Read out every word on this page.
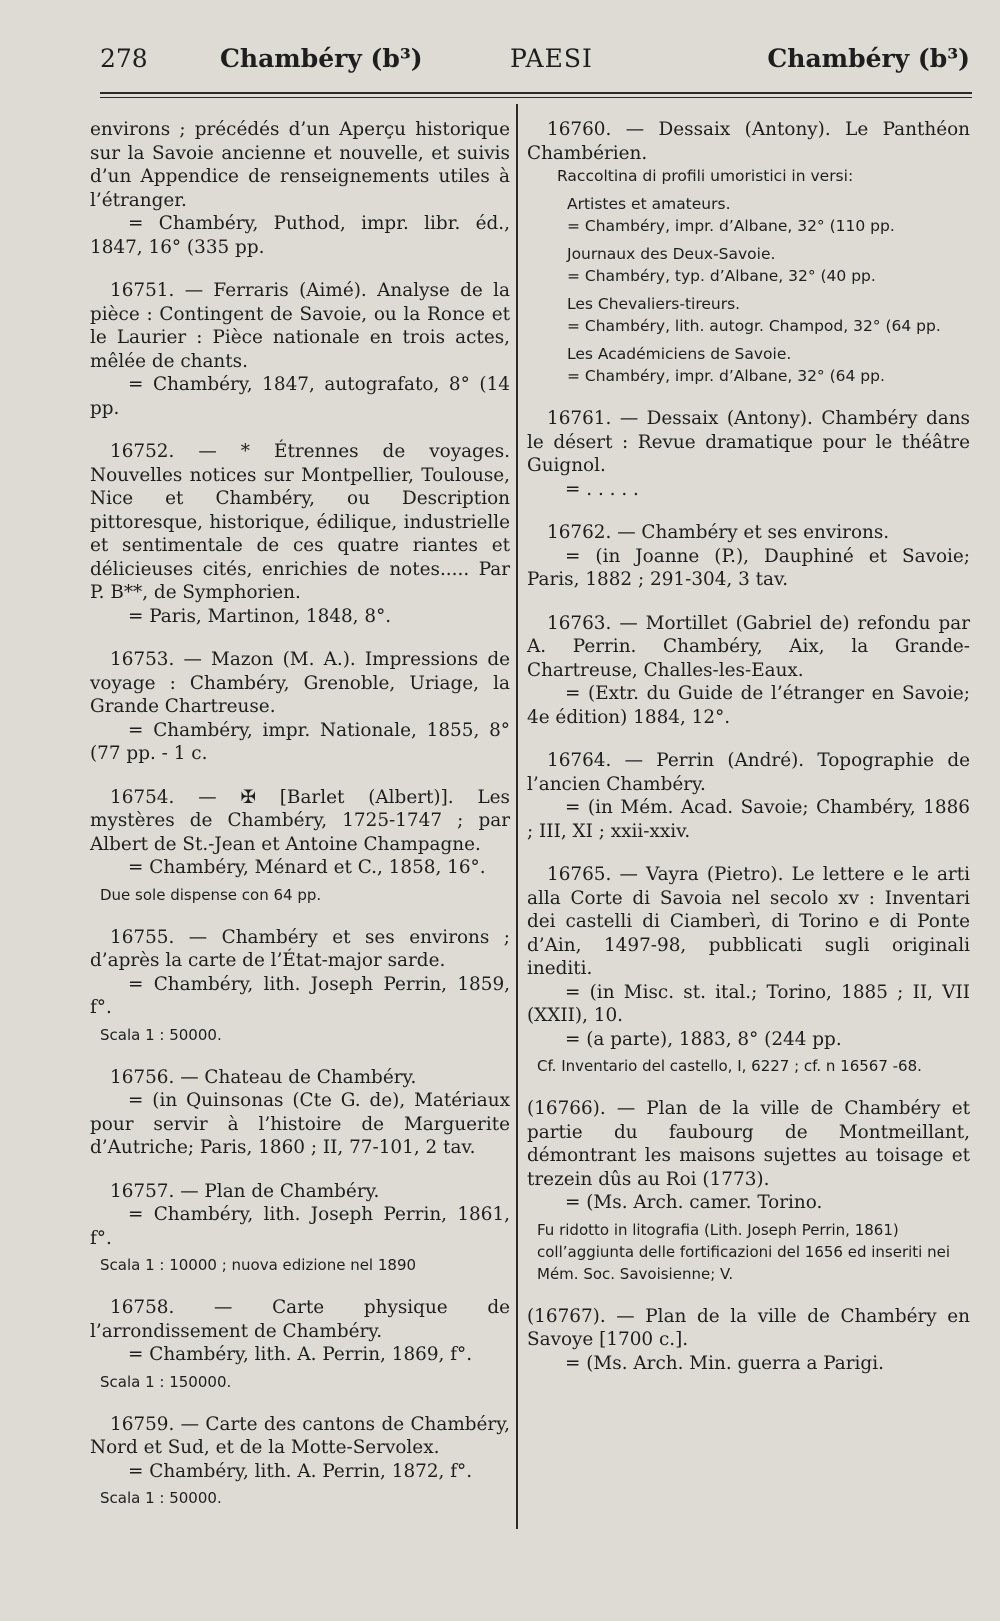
278	Chambéry (b³)	PAESI	Chambéry (b³)

environs ; précédés d’un Aperçu historique sur la Savoie ancienne et nouvelle, et suivis d’un Appendice de renseignements utiles à l’étranger.

= Chambéry, Puthod, impr. libr. éd., 1847, 16° (335 pp.

16751. — Ferraris (Aimé). Analyse de la pièce : Contingent de Savoie, ou la Ronce et le Laurier : Pièce nationale en trois actes, mêlée de chants.

= Chambéry, 1847, autografato, 8° (14 pp.

16752. — * Étrennes de voyages. Nouvelles notices sur Montpellier, Toulouse, Nice et Chambéry, ou Description pittoresque, historique, édilique, industrielle et sentimentale de ces quatre riantes et délicieuses cités, enrichies de notes..... Par P. B**, de Symphorien.

= Paris, Martinon, 1848, 8°.

16753. — Mazon (M. A.). Impressions de voyage : Chambéry, Grenoble, Uriage, la Grande Chartreuse.

= Chambéry, impr. Nationale, 1855, 8° (77 pp. - 1 c.

16754. — ✠ [Barlet (Albert)]. Les mystères de Chambéry, 1725-1747 ; par Albert de St.-Jean et Antoine Champagne.

= Chambéry, Ménard et C., 1858, 16°.

Due sole dispense con 64 pp.

16755. — Chambéry et ses environs ; d’après la carte de l’État-major sarde.

= Chambéry, lith. Joseph Perrin, 1859, f°.

Scala 1 : 50000.

16756. — Chateau de Chambéry.

= (in Quinsonas (Cte G. de), Matériaux pour servir à l’histoire de Marguerite d’Autriche; Paris, 1860 ; II, 77-101, 2 tav.

16757. — Plan de Chambéry.

= Chambéry, lith. Joseph Perrin, 1861, f°.

Scala 1 : 10000 ; nuova edizione nel 1890

16758. — Carte physique de l’arrondissement de Chambéry.

= Chambéry, lith. A. Perrin, 1869, f°.

Scala 1 : 150000.

16759. — Carte des cantons de Chambéry, Nord et Sud, et de la Motte-Servolex.

= Chambéry, lith. A. Perrin, 1872, f°.

Scala 1 : 50000.

16760. — Dessaix (Antony). Le Panthéon Chambérien.

Raccoltina di profili umoristici in versi:

Artistes et amateurs.

= Chambéry, impr. d’Albane, 32° (110 pp.

Journaux des Deux-Savoie.

= Chambéry, typ. d’Albane, 32° (40 pp.

Les Chevaliers-tireurs.

= Chambéry, lith. autogr. Champod, 32° (64 pp.

Les Académiciens de Savoie.

= Chambéry, impr. d’Albane, 32° (64 pp.

16761. — Dessaix (Antony). Chambéry dans le désert : Revue dramatique pour le théâtre Guignol.

= . . . . .

16762. — Chambéry et ses environs.

= (in Joanne (P.), Dauphiné et Savoie; Paris, 1882 ; 291-304, 3 tav.

16763. — Mortillet (Gabriel de) refondu par A. Perrin. Chambéry, Aix, la Grande-Chartreuse, Challes-les-Eaux.

= (Extr. du Guide de l’étranger en Savoie; 4e édition) 1884, 12°.

16764. — Perrin (André). Topographie de l’ancien Chambéry.

= (in Mém. Acad. Savoie; Chambéry, 1886 ; III, XI ; xxii-xxiv.

16765. — Vayra (Pietro). Le lettere e le arti alla Corte di Savoia nel secolo xv : Inventari dei castelli di Ciamberì, di Torino e di Ponte d’Ain, 1497-98, pubblicati sugli originali inediti.

= (in Misc. st. ital.; Torino, 1885 ; II, VII (XXII), 10.

= (a parte), 1883, 8° (244 pp.

Cf. Inventario del castello, I, 6227 ; cf. n 16567 -68.

(16766). — Plan de la ville de Chambéry et partie du faubourg de Montmeillant, démontrant les maisons sujettes au toisage et trezein dûs au Roi (1773).

= (Ms. Arch. camer. Torino.

Fu ridotto in litografia (Lith. Joseph Perrin, 1861) coll’aggiunta delle fortificazioni del 1656 ed inseriti nei Mém. Soc. Savoisienne; V.

(16767). — Plan de la ville de Chambéry en Savoye [1700 c.].

= (Ms. Arch. Min. guerra a Parigi.
